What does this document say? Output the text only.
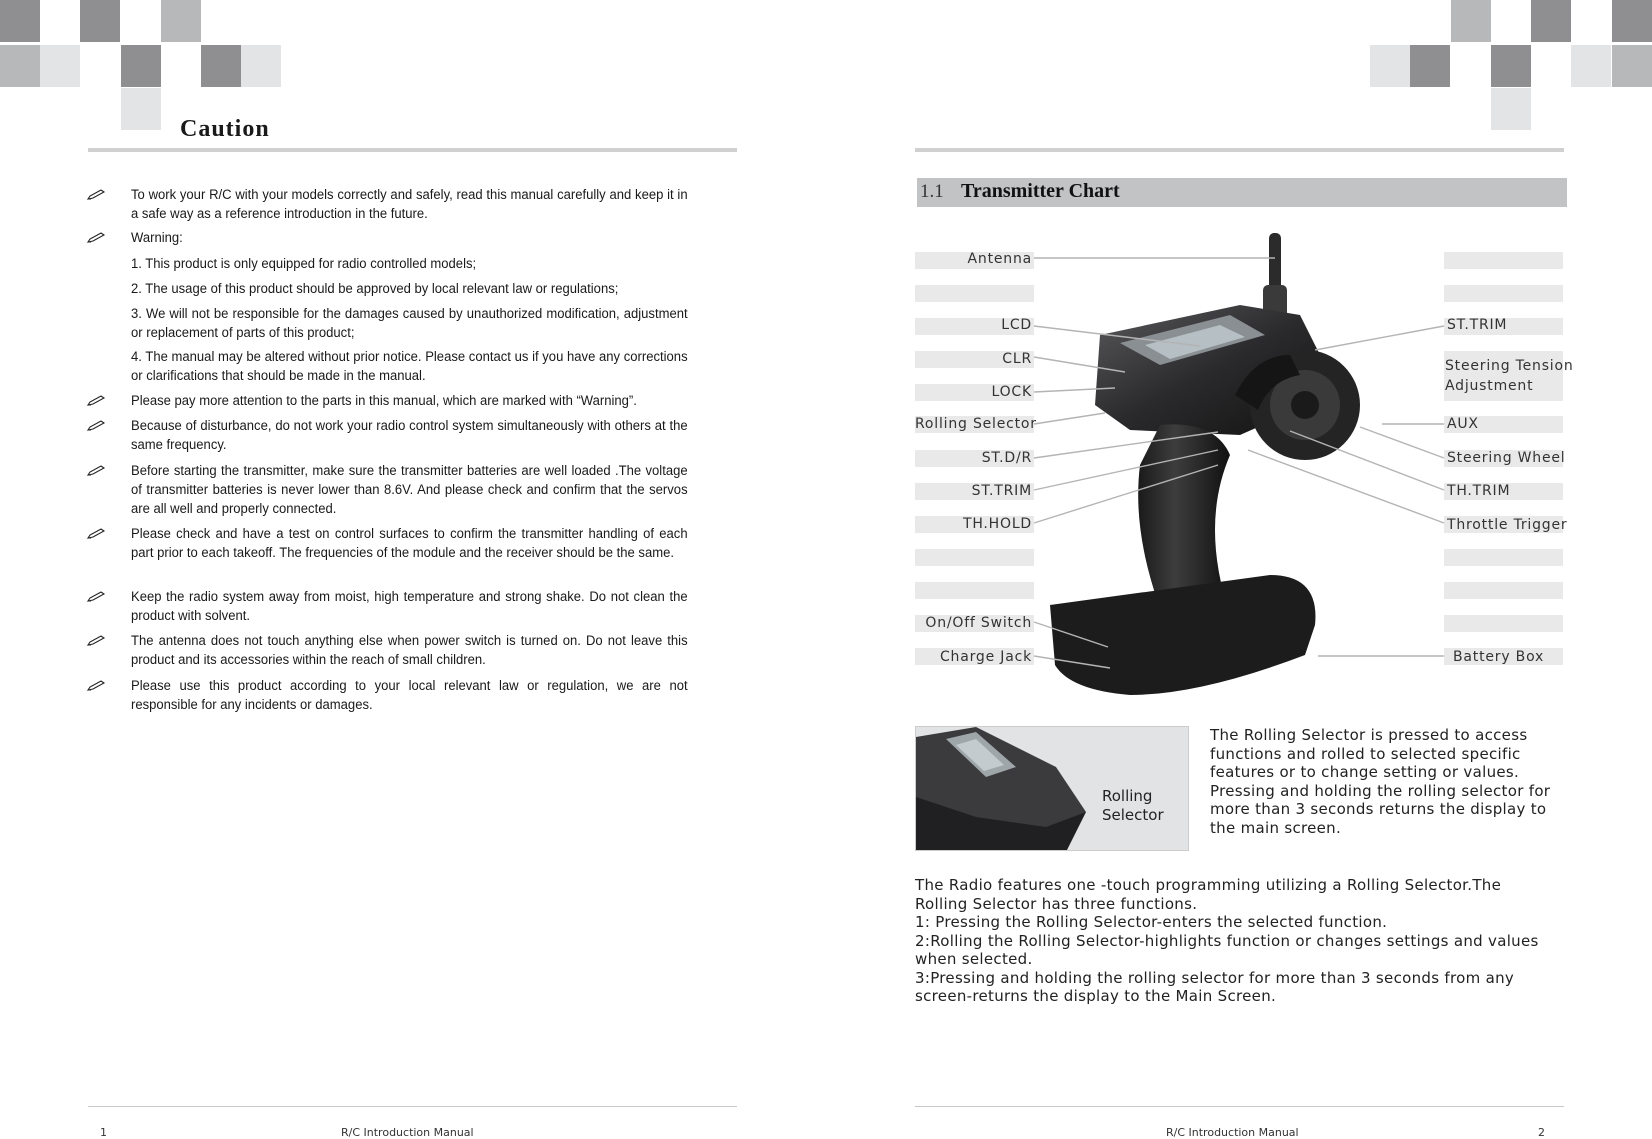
Caution
To work your R/C with your models correctly and safely, read this manual carefully and keep it in a safe way as a reference introduction in the future.
Warning:
1. This product is only equipped for radio controlled models;
2. The usage of this product should be approved by local relevant law or regulations;
3. We will not be responsible for the damages caused by unauthorized modification, adjustment or replacement of parts of this product;
4. The manual may be altered without prior notice. Please contact us if you have any corrections or clarifications that should be made in the manual.
Please pay more attention to the parts in this manual, which are marked with “Warning”.
Because of disturbance, do not work your radio control system simultaneously with others at the same frequency.
Before starting the transmitter, make sure the transmitter batteries are well loaded .The voltage of transmitter batteries is never lower than 8.6V. And please check and confirm that the servos are all well and properly connected.
Please check and have a test on control surfaces to confirm the transmitter handling of each part prior to each takeoff. The frequencies of the module and the receiver should be the same.
Keep the radio system away from moist, high temperature and strong shake. Do not clean the product with solvent.
The antenna does not touch anything else when power switch is turned on. Do not leave this product and its accessories within the reach of small children.
Please use this product according to your local relevant law or regulation, we are not responsible for any incidents or damages.
1	R/C Introduction Manual
1.1 Transmitter Chart
Antenna
LCD
CLR
LOCK
Rolling Selector
ST.D/R
ST.TRIM
TH.HOLD
On/Off Switch
Charge Jack
ST.TRIM
Steering Tension
Adjustment
AUX
Steering Wheel
TH.TRIM
Throttle Trigger
Battery Box
Rolling
Selector
The Rolling Selector is pressed to access functions and rolled to selected specific features or to change setting or values. Pressing and holding the rolling selector for more than 3 seconds returns the display to the main screen.
The Radio features one -touch programming utilizing a Rolling Selector.The
Rolling Selector has three functions.
1: Pressing the Rolling Selector-enters the selected function.
2:Rolling the Rolling Selector-highlights function or changes settings and values
when selected.
3:Pressing and holding the rolling selector for more than 3 seconds from any
screen-returns the display to the Main Screen.
R/C Introduction Manual	2
